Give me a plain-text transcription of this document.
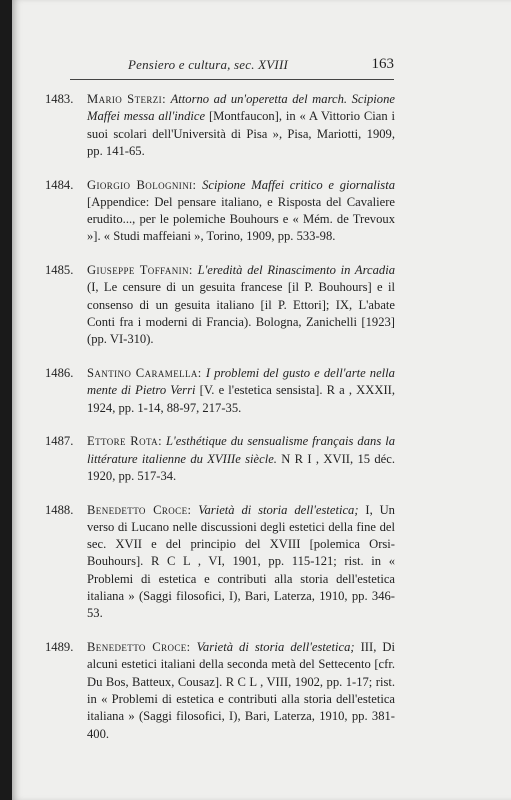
Pensiero e cultura, sec. XVIII	163
1483. Mario Sterzi: Attorno ad un'operetta del march. Scipione Maffei messa all'indice [Montfaucon], in « A Vittorio Cian i suoi scolari dell'Università di Pisa », Pisa, Mariotti, 1909, pp. 141-65.
1484. Giorgio Bolognini: Scipione Maffei critico e giornalista [Appendice: Del pensare italiano, e Risposta del Cavaliere erudito..., per le polemiche Bouhours e « Mém. de Trevoux »]. « Studi maffeiani », Torino, 1909, pp. 533-98.
1485. Giuseppe Toffanin: L'eredità del Rinascimento in Arcadia (I, Le censure di un gesuita francese [il P. Bouhours] e il consenso di un gesuita italiano [il P. Ettori]; IX, L'abate Conti fra i moderni di Francia). Bologna, Zanichelli [1923] (pp. VI-310).
1486. Santino Caramella: I problemi del gusto e dell'arte nella mente di Pietro Verri [V. e l'estetica sensista]. R a , XXXII, 1924, pp. 1-14, 88-97, 217-35.
1487. Ettore Rota: L'esthétique du sensualisme français dans la littérature italienne du XVIIIe siècle. N R I , XVII, 15 déc. 1920, pp. 517-34.
1488. Benedetto Croce: Varietà di storia dell'estetica; I, Un verso di Lucano nelle discussioni degli estetici della fine del sec. XVII e del principio del XVIII [polemica Orsi-Bouhours]. R C L , VI, 1901, pp. 115-121; rist. in « Problemi di estetica e contributi alla storia dell'estetica italiana » (Saggi filosofici, I), Bari, Laterza, 1910, pp. 346-53.
1489. Benedetto Croce: Varietà di storia dell'estetica; III, Di alcuni estetici italiani della seconda metà del Settecento [cfr. Du Bos, Batteux, Cousaz]. R C L , VIII, 1902, pp. 1-17; rist. in « Problemi di estetica e contributi alla storia dell'estetica italiana » (Saggi filosofici, I), Bari, Laterza, 1910, pp. 381-400.
